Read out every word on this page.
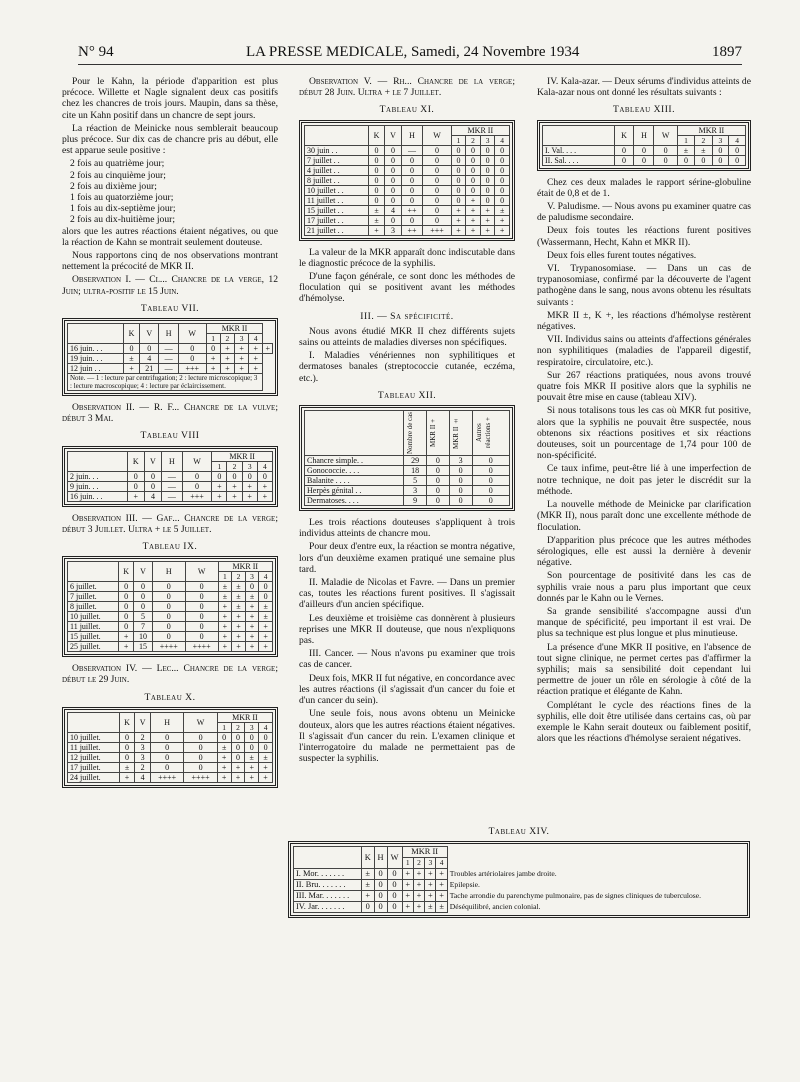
N° 94	LA PRESSE MEDICALE, Samedi, 24 Novembre 1934	1897

Pour le Kahn, la période d'apparition est plus précoce. Willette et Nagle signalent deux cas positifs chez les chancres de trois jours. Maupin, dans sa thèse, cite un Kahn positif dans un chancre de sept jours.

La réaction de Meinicke nous semblerait beaucoup plus précoce. Sur dix cas de chancre pris au début, elle est apparue seule positive :

2 fois au quatrième jour;
2 fois au cinquième jour;
2 fois au dixième jour;
1 fois au quatorzième jour;
1 fois au dix-septième jour;
2 fois au dix-huitième jour;

alors que les autres réactions étaient négatives, ou que la réaction de Kahn se montrait seulement douteuse.

Nous rapportons cinq de nos observations montrant nettement la précocité de MKR II.

Observation I. — Cl... Chancre de la verge, 12 Juin; ultra-positif le 15 Juin.

Tableau VII.

	K	V	H	W	MKR II				
					1	2	3	4	
16 juin. . .	0	0	—	0	0	+	+	+	+
19 juin. . .	±	4	—	0	+	+	+	+	
12 juin . .	+	21	—	+++	+	+	+	+	
Note. — 1 : lecture par centrifugation; 2 : lecture microscopique; 3 : lecture macroscopique; 4 : lecture par éclaircissement.									

Observation II. — R. F... Chancre de la vulve; début 3 Mai.

Tableau VIII

	K	V	H	W	MKR II			
					1	2	3	4
2 juin. . .	0	0	—	0	0	0	0	0
9 juin. . .	0	0	—	0	+	+	+	+
16 juin. . .	+	4	—	+++	+	+	+	+

Observation III. — Gaf... Chancre de la verge; début 3 Juillet. Ultra + le 5 Juillet.

Tableau IX.

	K	V	H	W	MKR II			
					1	2	3	4
6 juillet.	0	0	0	0	±	±	0	0
7 juillet.	0	0	0	0	±	±	±	0
8 juillet.	0	0	0	0	+	±	+	±
10 juillet.	0	5	0	0	+	+	+	±
11 juillet.	0	7	0	0	+	+	+	+
15 juillet.	+	10	0	0	+	+	+	+
25 juillet.	+	15	++++	++++	+	+	+	+

Observation IV. — Lec... Chancre de la verge; début le 29 Juin.

Tableau X.

	K	V	H	W	MKR II			
					1	2	3	4
10 juillet.	0	2	0	0	0	0	0	0
11 juillet.	0	3	0	0	±	0	0	0
12 juillet.	0	3	0	0	+	0	±	±
17 juillet.	±	2	0	0	+	+	+	+
24 juillet.	+	4	++++	++++	+	+	+	+

Observation V. — Rh... Chancre de la verge; début 28 Juin. Ultra + le 7 Juillet.

Tableau XI.

	K	V	H	W	MKR II			
					1	2	3	4
30 juin . .	0	0	—	0	0	0	0	0
7 juillet . .	0	0	0	0	0	0	0	0
4 juillet . .	0	0	0	0	0	0	0	0
8 juillet . .	0	0	0	0	0	0	0	0
10 juillet . .	0	0	0	0	0	0	0	0
11 juillet . .	0	0	0	0	0	+	0	0
15 juillet . .	±	4	++	0	+	+	+	±
17 juillet . .	±	0	0	0	+	+	+	+
21 juillet . .	+	3	++	+++	+	+	+	+

La valeur de la MKR apparaît donc indiscutable dans le diagnostic précoce de la syphilis.

D'une façon générale, ce sont donc les méthodes de floculation qui se positivent avant les méthodes d'hémolyse.

III. — Sa spécificité.

Nous avons étudié MKR II chez différents sujets sains ou atteints de maladies diverses non spécifiques.

I. Maladies vénériennes non syphilitiques et dermatoses banales (streptococcie cutanée, eczéma, etc.).

Tableau XII.

	Nombre de cas	MKR II +	MKR II ±	Autres réactions +

Chancre simple. .	29	0	3	0
Gonococcie. . . .	18	0	0	0
Balanite . . . .	5	0	0	0
Herpès génital . .	3	0	0	0
Dermatoses. . . .	9	0	0	0

Les trois réactions douteuses s'appliquent à trois individus atteints de chancre mou.

Pour deux d'entre eux, la réaction se montra négative, lors d'un deuxième examen pratiqué une semaine plus tard.

II. Maladie de Nicolas et Favre. — Dans un premier cas, toutes les réactions furent positives. Il s'agissait d'ailleurs d'un ancien spécifique.

Les deuxième et troisième cas donnèrent à plusieurs reprises une MKR II douteuse, que nous n'expliquons pas.

III. Cancer. — Nous n'avons pu examiner que trois cas de cancer.

Deux fois, MKR II fut négative, en concordance avec les autres réactions (il s'agissait d'un cancer du foie et d'un cancer du sein).

Une seule fois, nous avons obtenu un Meinicke douteux, alors que les autres réactions étaient négatives. Il s'agissait d'un cancer du rein. L'examen clinique et l'interrogatoire du malade ne permettaient pas de suspecter la syphilis.

IV. Kala-azar. — Deux sérums d'individus atteints de Kala-azar nous ont donné les résultats suivants :

Tableau XIII.

	K	H	W	MKR II			
				1	2	3	4
I. Val. . . .	0	0	0	±	±	0	0
II. Sal. . . .	0	0	0	0	0	0	0

Chez ces deux malades le rapport sérine-globuline était de 0,8 et de 1.

V. Paludisme. — Nous avons pu examiner quatre cas de paludisme secondaire.

Deux fois toutes les réactions furent positives (Wassermann, Hecht, Kahn et MKR II).

Deux fois elles furent toutes négatives.

VI. Trypanosomiase. — Dans un cas de trypanosomiase, confirmé par la découverte de l'agent pathogène dans le sang, nous avons obtenu les résultats suivants :

MKR II ±, K +, les réactions d'hémolyse restèrent négatives.

VII. Individus sains ou atteints d'affections générales non syphilitiques (maladies de l'appareil digestif, respiratoire, circulatoire, etc.).

Sur 267 réactions pratiquées, nous avons trouvé quatre fois MKR II positive alors que la syphilis ne pouvait être mise en cause (tableau XIV).

Si nous totalisons tous les cas où MKR fut positive, alors que la syphilis ne pouvait être suspectée, nous obtenons six réactions positives et six réactions douteuses, soit un pourcentage de 1,74 pour 100 de non-spécificité.

Ce taux infime, peut-être lié à une imperfection de notre technique, ne doit pas jeter le discrédit sur la méthode.

La nouvelle méthode de Meinicke par clarification (MKR II), nous paraît donc une excellente méthode de floculation.

D'apparition plus précoce que les autres méthodes sérologiques, elle est aussi la dernière à devenir négative.

Son pourcentage de positivité dans les cas de syphilis vraie nous a paru plus important que ceux donnés par le Kahn ou le Vernes.

Sa grande sensibilité s'accompagne aussi d'un manque de spécificité, peu important il est vrai. De plus sa technique est plus longue et plus minutieuse.

La présence d'une MKR II positive, en l'absence de tout signe clinique, ne permet certes pas d'affirmer la syphilis; mais sa sensibilité doit cependant lui permettre de jouer un rôle en sérologie à côté de la réaction pratique et élégante de Kahn.

Complétant le cycle des réactions fines de la syphilis, elle doit être utilisée dans certains cas, où par exemple le Kahn serait douteux ou faiblement positif, alors que les réactions d'hémolyse seraient négatives.

Tableau XIV.

	K	H	W	MKR II				
				1	2	3	4	
I. Mor. . . . . . .	±	0	0	+	+	+	+	Troubles artériolaires jambe droite.
II. Bru. . . . . . .	±	0	0	+	+	+	+	Epilepsie.
III. Mar. . . . . . .	+	0	0	+	+	+	+	Tache arrondie du parenchyme pulmonaire, pas de signes cliniques de tuberculose.
IV. Jar. . . . . . .	0	0	0	+	+	±	±	Déséquilibré, ancien colonial.
